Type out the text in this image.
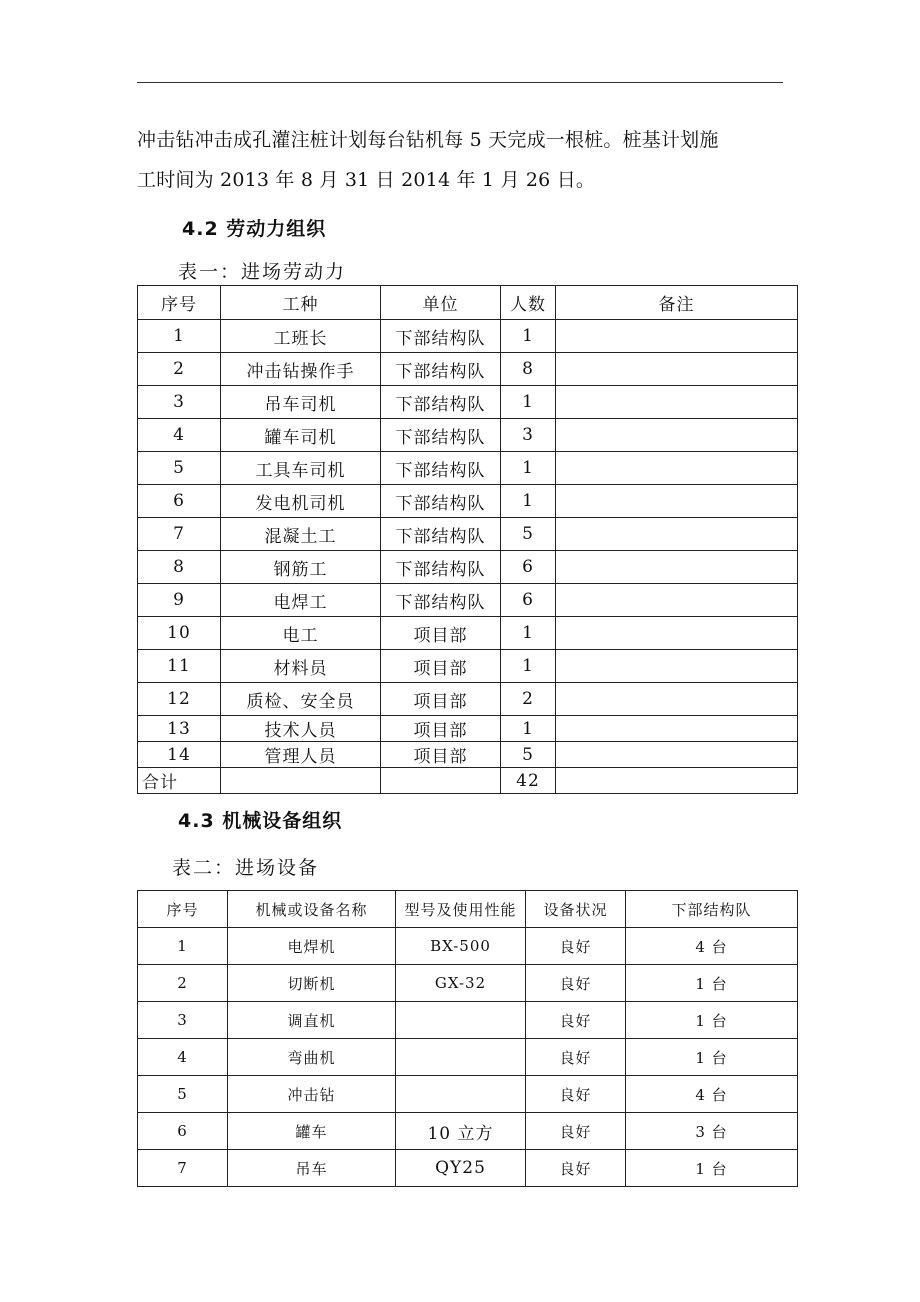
冲击钻冲击成孔灌注桩计划每台钻机每 5 天完成一根桩。桩基计划施

工时间为 2013 年 8 月 31 日 2014 年 1 月 26 日。

4.2 劳动力组织
表一：进场劳动力
序号	工种	单位	人数	备注
1	工班长	下部结构队	1	
2	冲击钻操作手	下部结构队	8	
3	吊车司机	下部结构队	1	
4	罐车司机	下部结构队	3	
5	工具车司机	下部结构队	1	
6	发电机司机	下部结构队	1	
7	混凝土工	下部结构队	5	
8	钢筋工	下部结构队	6	
9	电焊工	下部结构队	6	
10	电工	项目部	1	
11	材料员	项目部	1	
12	质检、安全员	项目部	2	
13	技术人员	项目部	1	
14	管理人员	项目部	5	
合计			42	
4.3 机械设备组织
表二：进场设备
序号	机械或设备名称	型号及使用性能	设备状况	下部结构队
1	电焊机	BX-500	良好	4 台
2	切断机	GX-32	良好	1 台
3	调直机		良好	1 台
4	弯曲机		良好	1 台
5	冲击钻		良好	4 台
6	罐车	10 立方	良好	3 台
7	吊车	QY25	良好	1 台
